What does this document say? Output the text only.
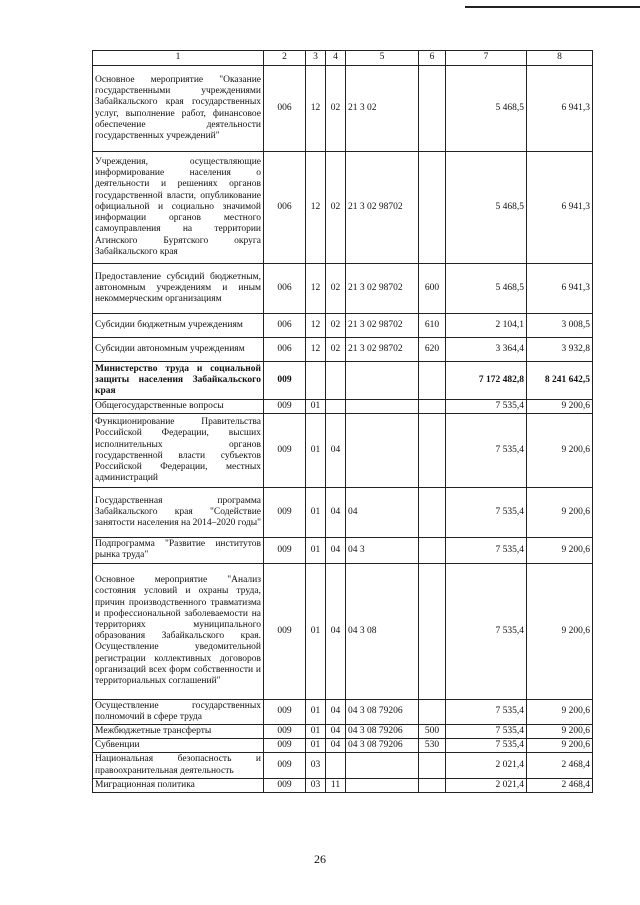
1	2	3	4	5	6	7	8
Основное мероприятие "Оказание государственными учреждениями Забайкальского края государственных услуг, выполнение работ, финансовое обеспечение деятельности государственных учреждений"	006	12	02	21 3 02		5 468,5	6 941,3
Учреждения, осуществляющие информирование населения о деятельности и решениях органов государственной власти, опубликование официальной и социально значимой информации органов местного самоуправления на территории Агинского Бурятского округа Забайкальского края	006	12	02	21 3 02 98702		5 468,5	6 941,3
Предоставление субсидий бюджетным, автономным учреждениям и иным некоммерческим организациям	006	12	02	21 3 02 98702	600	5 468,5	6 941,3
Субсидии бюджетным учреждениям	006	12	02	21 3 02 98702	610	2 104,1	3 008,5
Субсидии автономным учреждениям	006	12	02	21 3 02 98702	620	3 364,4	3 932,8
Министерство труда и социальной защиты населения Забайкальского края	009					7 172 482,8	8 241 642,5
Общегосударственные вопросы	009	01				7 535,4	9 200,6
Функционирование Правительства Российской Федерации, высших исполнительных органов государственной власти субъектов Российской Федерации, местных администраций	009	01	04			7 535,4	9 200,6
Государственная программа Забайкальского края "Содействие занятости населения на 2014–2020 годы"	009	01	04	04		7 535,4	9 200,6
Подпрограмма "Развитие институтов рынка труда"	009	01	04	04 3		7 535,4	9 200,6
Основное мероприятие "Анализ состояния условий и охраны труда, причин производственного травматизма и профессиональной заболеваемости на территориях муниципального образования Забайкальского края. Осуществление уведомительной регистрации коллективных договоров организаций всех форм собственности и территориальных соглашений"	009	01	04	04 3 08		7 535,4	9 200,6
Осуществление государственных полномочий в сфере труда	009	01	04	04 3 08 79206		7 535,4	9 200,6
Межбюджетные трансферты	009	01	04	04 3 08 79206	500	7 535,4	9 200,6
Субвенции	009	01	04	04 3 08 79206	530	7 535,4	9 200,6
Национальная безопасность и правоохранительная деятельность	009	03				2 021,4	2 468,4
Миграционная политика	009	03	11			2 021,4	2 468,4
26
